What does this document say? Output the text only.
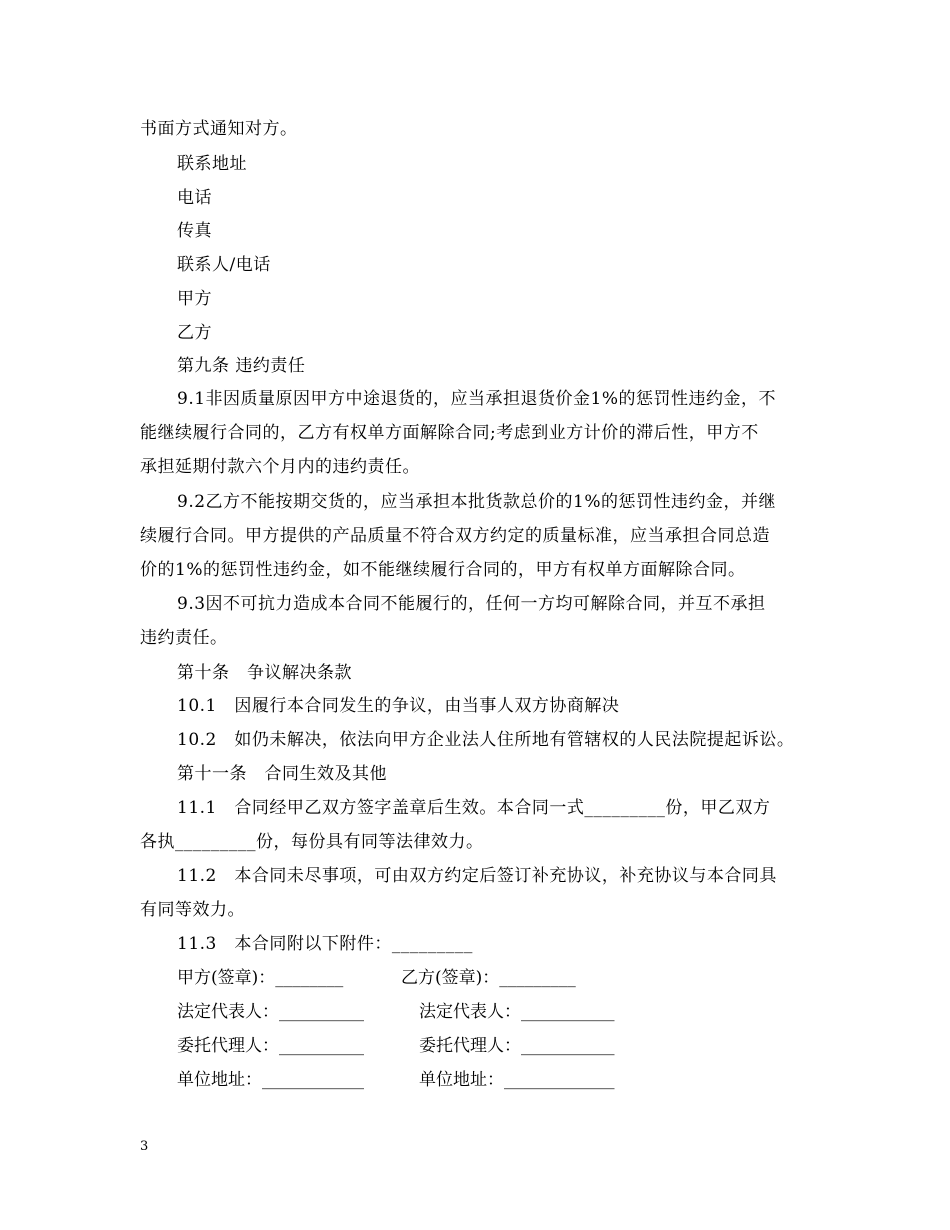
书面方式通知对方。
联系地址
电话
传真
联系人/电话
甲方
乙方
第九条 违约责任
9.1非因质量原因甲方中途退货的，应当承担退货价金1%的惩罚性违约金，不
能继续履行合同的，乙方有权单方面解除合同;考虑到业方计价的滞后性，甲方不
承担延期付款六个月内的违约责任。
9.2乙方不能按期交货的，应当承担本批货款总价的1%的惩罚性违约金，并继
续履行合同。甲方提供的产品质量不符合双方约定的质量标准，应当承担合同总造
价的1%的惩罚性违约金，如不能继续履行合同的，甲方有权单方面解除合同。
9.3因不可抗力造成本合同不能履行的，任何一方均可解除合同，并互不承担
违约责任。
第十条　争议解决条款
10.1　因履行本合同发生的争议，由当事人双方协商解决
10.2　如仍未解决，依法向甲方企业法人住所地有管辖权的人民法院提起诉讼。
第十一条　合同生效及其他
11.1　合同经甲乙双方签字盖章后生效。本合同一式_________份，甲乙双方
各执_________份，每份具有同等法律效力。
11.2　本合同未尽事项，可由双方约定后签订补充协议，补充协议与本合同具
有同等效力。
11.3　本合同附以下附件：_________
甲方(签章)：________	乙方(签章)：_________
法定代表人：__________	法定代表人：___________
委托代理人：__________	委托代理人：___________
单位地址：____________	单位地址：_____________
3
